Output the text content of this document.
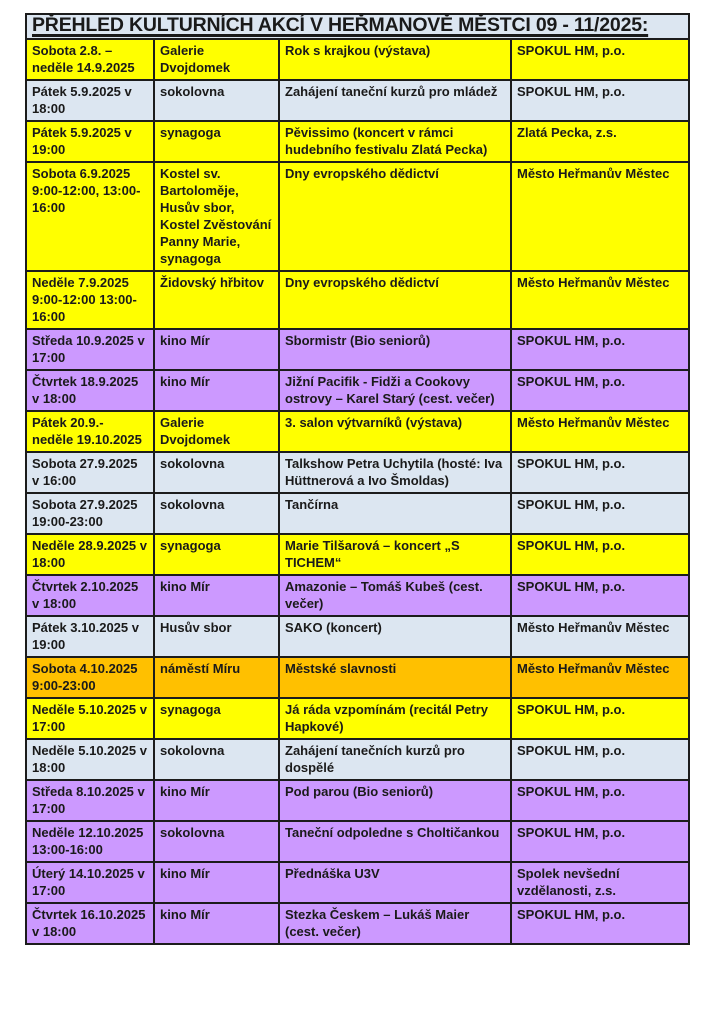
PŘEHLED KULTURNÍCH AKCÍ V HEŘMANOVĚ MĚSTCI 09 - 11/2025:			
Sobota 2.8. – neděle 14.9.2025	Galerie Dvojdomek	Rok s krajkou (výstava)	SPOKUL HM, p.o.
Pátek 5.9.2025 v 18:00	sokolovna	Zahájení taneční kurzů pro mládež	SPOKUL HM, p.o.
Pátek 5.9.2025 v 19:00	synagoga	Pěvissimo (koncert v rámci hudebního festivalu Zlatá Pecka)	Zlatá Pecka, z.s.
Sobota 6.9.2025 9:00-12:00, 13:00-16:00	Kostel sv. Bartoloměje, Husův sbor, Kostel Zvěstování Panny Marie, synagoga	Dny evropského dědictví	Město Heřmanův Městec
Neděle 7.9.2025 9:00-12:00 13:00-16:00	Židovský hřbitov	Dny evropského dědictví	Město Heřmanův Městec
Středa 10.9.2025 v 17:00	kino Mír	Sbormistr (Bio seniorů)	SPOKUL HM, p.o.
Čtvrtek 18.9.2025 v 18:00	kino Mír	Jižní Pacifik - Fidži a Cookovy ostrovy – Karel Starý (cest. večer)	SPOKUL HM, p.o.
Pátek 20.9.- neděle 19.10.2025	Galerie Dvojdomek	3. salon výtvarníků (výstava)	Město Heřmanův Městec
Sobota 27.9.2025 v 16:00	sokolovna	Talkshow Petra Uchytila (hosté: Iva Hüttnerová a Ivo Šmoldas)	SPOKUL HM, p.o.
Sobota 27.9.2025 19:00-23:00	sokolovna	Tančírna	SPOKUL HM, p.o.
Neděle 28.9.2025 v 18:00	synagoga	Marie Tilšarová – koncert „S TICHEM“	SPOKUL HM, p.o.
Čtvrtek 2.10.2025 v 18:00	kino Mír	Amazonie – Tomáš Kubeš (cest. večer)	SPOKUL HM, p.o.
Pátek 3.10.2025 v 19:00	Husův sbor	SAKO (koncert)	Město Heřmanův Městec
Sobota 4.10.2025 9:00-23:00	náměstí Míru	Městské slavnosti	Město Heřmanův Městec
Neděle 5.10.2025 v 17:00	synagoga	Já ráda vzpomínám (recitál Petry Hapkové)	SPOKUL HM, p.o.
Neděle 5.10.2025 v 18:00	sokolovna	Zahájení tanečních kurzů pro dospělé	SPOKUL HM, p.o.
Středa 8.10.2025 v 17:00	kino Mír	Pod parou (Bio seniorů)	SPOKUL HM, p.o.
Neděle 12.10.2025 13:00-16:00	sokolovna	Taneční odpoledne s Choltičankou	SPOKUL HM, p.o.
Úterý 14.10.2025 v 17:00	kino Mír	Přednáška U3V	Spolek nevšední vzdělanosti, z.s.
Čtvrtek 16.10.2025 v 18:00	kino Mír	Stezka Českem – Lukáš Maier (cest. večer)	SPOKUL HM, p.o.
